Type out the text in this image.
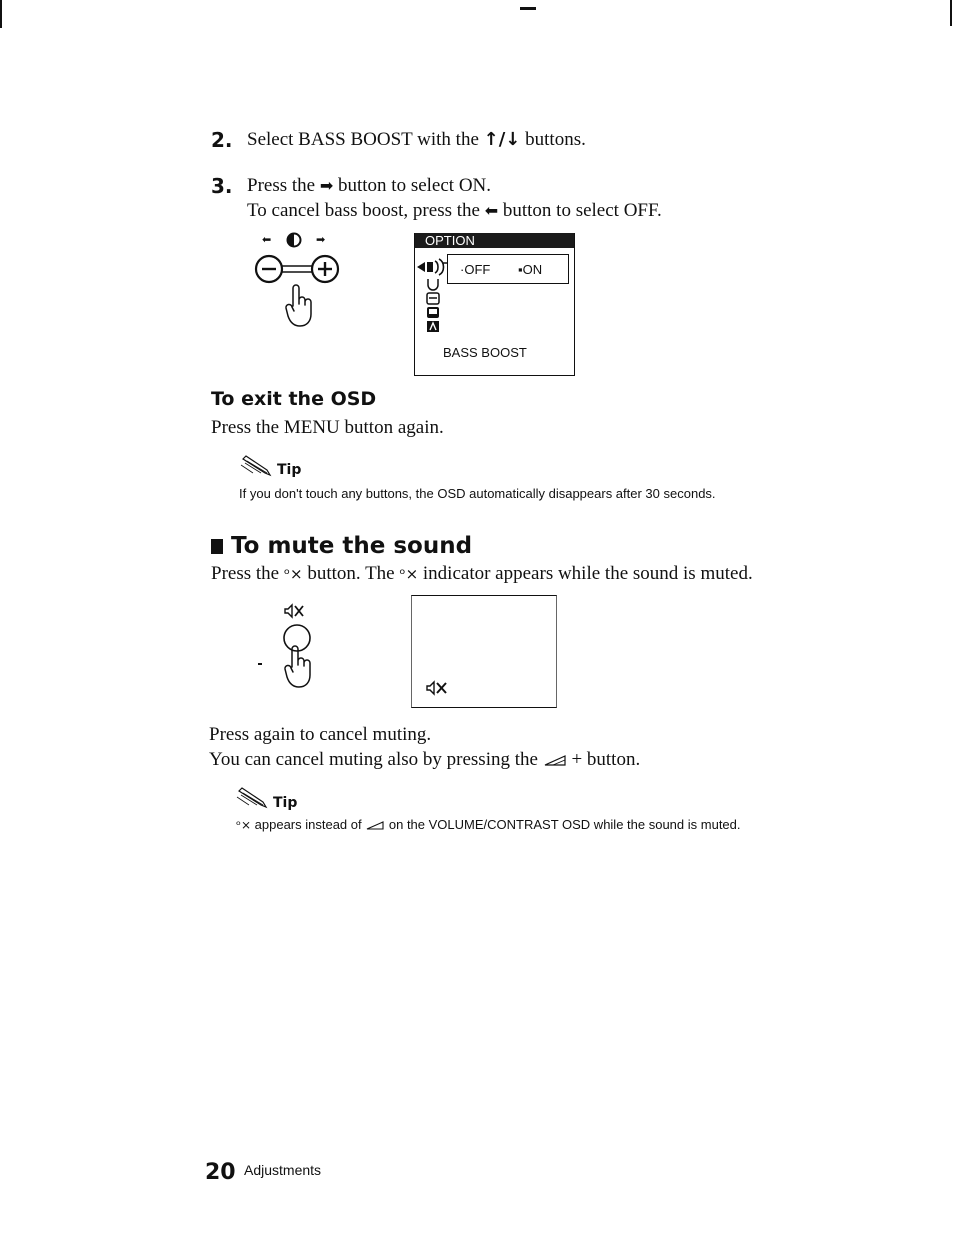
2. Select BASS BOOST with the ↑/↓ buttons.
3. Press the ➡ button to select ON.
To cancel bass boost, press the ⬅ button to select OFF.
⬅	➡	OPTION
·OFF ▪ON
BASS BOOST
To exit the OSD
Press the MENU button again.
Tip
If you don't touch any buttons, the OSD automatically disappears after 30 seconds.
To mute the sound
Press the ᵒ⨯ button. The ᵒ⨯ indicator appears while the sound is muted.
Press again to cancel muting.
You can cancel muting also by pressing the + button.
Tip
ᵒ⨯ appears instead of on the VOLUME/CONTRAST OSD while the sound is muted.
20 Adjustments
